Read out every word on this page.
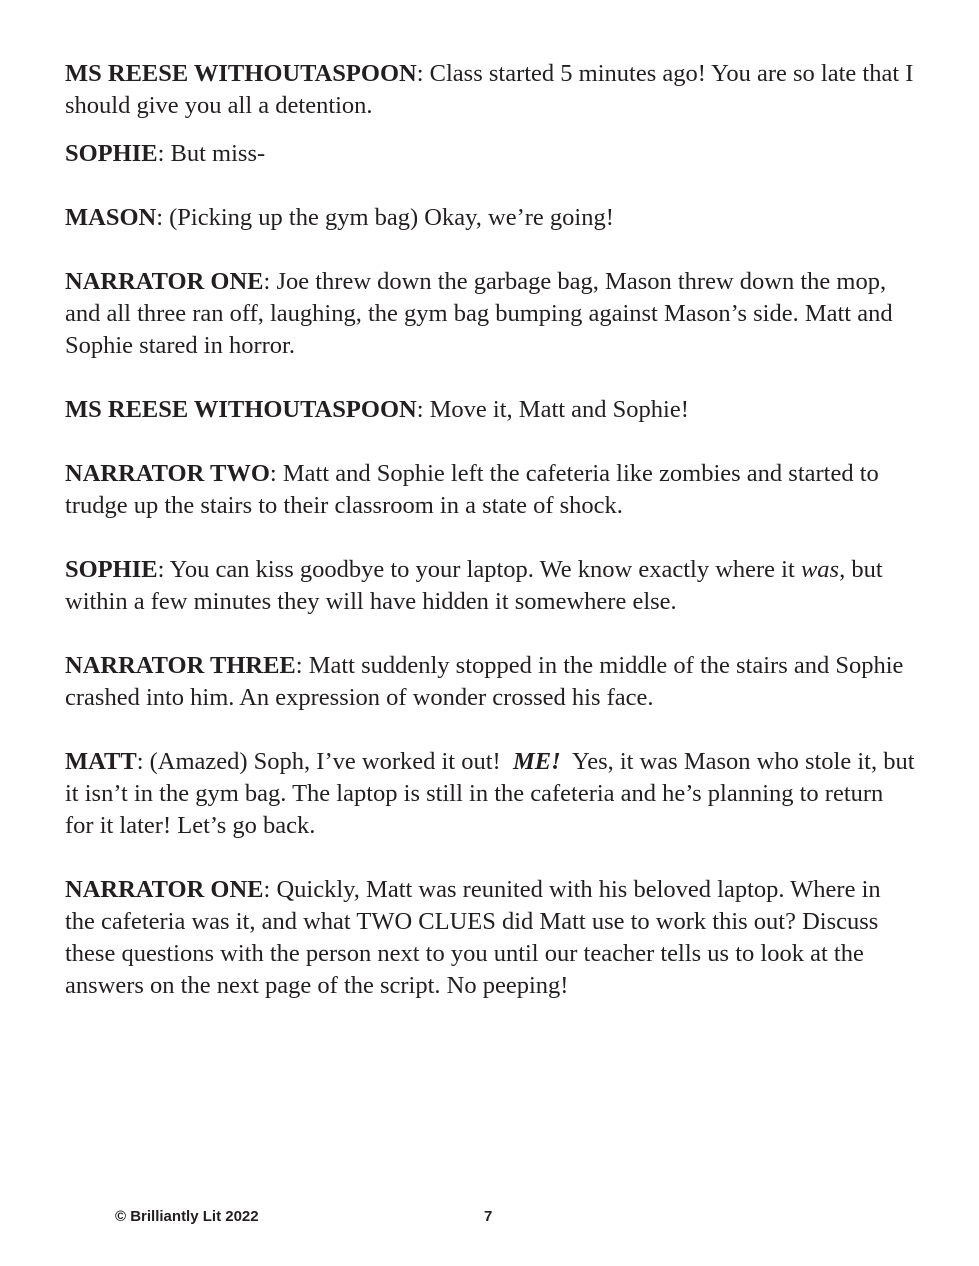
MS REESE WITHOUTASPOON: Class started 5 minutes ago! You are so late that I should give you all a detention.

SOPHIE: But miss-

MASON: (Picking up the gym bag) Okay, we’re going!

NARRATOR ONE: Joe threw down the garbage bag, Mason threw down the mop, and all three ran off, laughing, the gym bag bumping against Mason’s side. Matt and Sophie stared in horror.

MS REESE WITHOUTASPOON: Move it, Matt and Sophie!

NARRATOR TWO: Matt and Sophie left the cafeteria like zombies and started to trudge up the stairs to their classroom in a state of shock.

SOPHIE: You can kiss goodbye to your laptop. We know exactly where it was, but within a few minutes they will have hidden it somewhere else.

NARRATOR THREE: Matt suddenly stopped in the middle of the stairs and Sophie crashed into him. An expression of wonder crossed his face.

MATT: (Amazed) Soph, I’ve worked it out!  ME!  Yes, it was Mason who stole it, but it isn’t in the gym bag. The laptop is still in the cafeteria and he’s planning to return for it later! Let’s go back.

NARRATOR ONE: Quickly, Matt was reunited with his beloved laptop. Where in the cafeteria was it, and what TWO CLUES did Matt use to work this out? Discuss these questions with the person next to you until our teacher tells us to look at the answers on the next page of the script. No peeping!

© Brilliantly Lit 2022	7
